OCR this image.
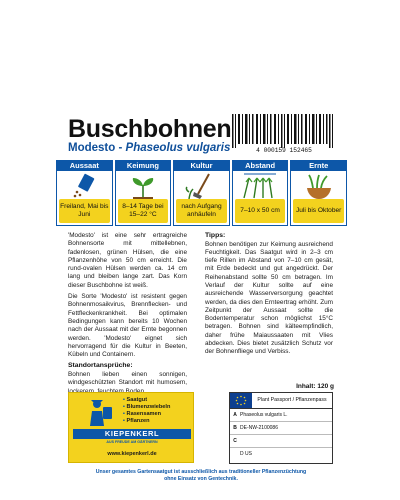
Buschbohnen
Modesto - Phaseolus vulgaris	4 000159 152465
Aussaat
Freiland, Mai bis Juni
Keimung
8–14 Tage bei 15–22 °C
Kultur
nach Aufgang anhäufeln
Abstand
7–10 x 50 cm
Ernte
Juli bis Oktober

'Modesto' ist eine sehr ertragreiche Bohnensorte mit mittellebnen, fadenlosen, grünen Hülsen, die eine Pflanzenhöhe von 50 cm erreicht. Die rund-ovalen Hülsen werden ca. 14 cm lang und bleiben lange zart. Das Korn dieser Buschbohne ist weiß.

Die Sorte 'Modesto' ist resistent gegen Bohnenmosaikvirus, Brennflecken- und Fettfleckenkrankheit. Bei optimalen Bedingungen kann bereits 10 Wochen nach der Aussaat mit der Ernte begonnen werden. 'Modesto' eignet sich hervorragend für die Kultur in Beeten, Kübeln und Containern.

Standortansprüche:

Bohnen lieben einen sonnigen, windgeschützten Standort mit humosem,

Tipps:

Bohnen benötigen zur Keimung ausreichend Feuchtigkeit. Das Saatgut wird in 2–3 cm tiefe Rillen im Abstand von 7–10 cm gesät, mit Erde bedeckt und gut angedrückt. Der Reihenabstand sollte 50 cm betragen. Im Verlauf der Kultur sollte auf eine ausreichende Wasserversorgung geachtet werden, da dies den Ernteertrag erhöht. Zum Zeitpunkt der Aussaat sollte die Bodentemperatur schon möglichst 15°C betragen. Bohnen sind kälteempfindlich, daher frühe Maiaussaaten mit Vlies abdecken. Dies bietet zusätzlich Schutz vor der Bohnenfliege und Verbiss.

Inhalt: 120 g
▪ Saatgut
▪ Blumenzwiebeln
▪ Rasensamen
▪ Pflanzen
KIEPENKERL
AUS FREUDE AM GÄRTNERN
www.kiepenkerl.de
Plant Passport / Pflanzenpass
A Phaseolus vulgaris L.
B DE-NW-2100086
C
D US
Unser gesamtes Gartensaatgut ist ausschließlich aus traditioneller Pflanzenzüchtung
ohne Einsatz von Gentechnik.
